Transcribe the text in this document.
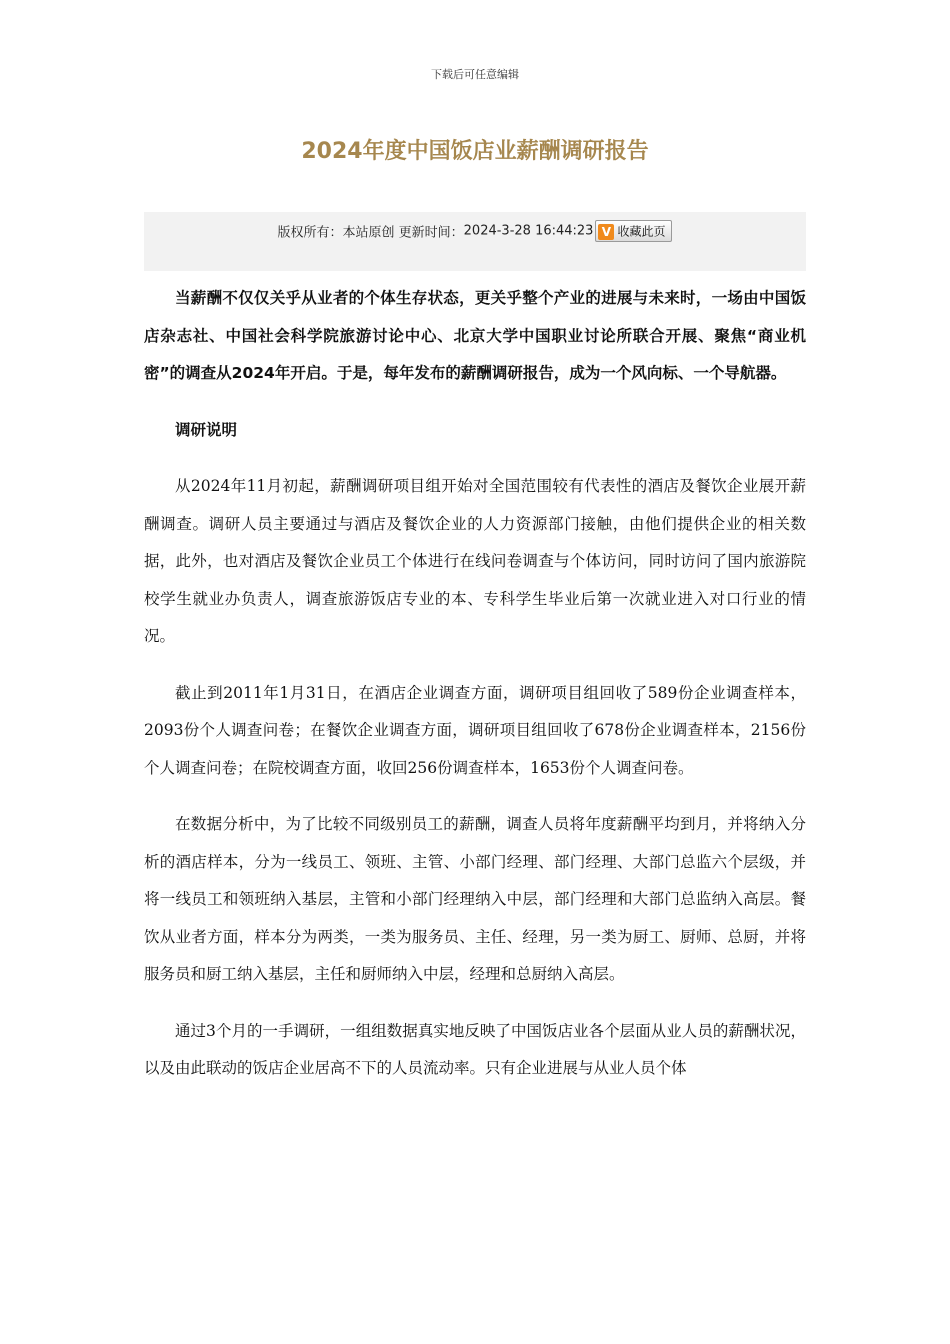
下载后可任意编辑
2024年度中国饭店业薪酬调研报告
版权所有：本站原创 更新时间：2024-3-28 16:44:23 V 收藏此页

当薪酬不仅仅关乎从业者的个体生存状态，更关乎整个产业的进展与未来时，一场由中国饭店杂志社、中国社会科学院旅游讨论中心、北京大学中国职业讨论所联合开展、聚焦“商业机密”的调查从2024年开启。于是，每年发布的薪酬调研报告，成为一个风向标、一个导航器。

调研说明

从2024年11月初起，薪酬调研项目组开始对全国范围较有代表性的酒店及餐饮企业展开薪酬调查。调研人员主要通过与酒店及餐饮企业的人力资源部门接触，由他们提供企业的相关数据，此外，也对酒店及餐饮企业员工个体进行在线问卷调查与个体访问，同时访问了国内旅游院校学生就业办负责人，调查旅游饭店专业的本、专科学生毕业后第一次就业进入对口行业的情况。

截止到2011年1月31日，在酒店企业调查方面，调研项目组回收了589份企业调查样本，2093份个人调查问卷；在餐饮企业调查方面，调研项目组回收了678份企业调查样本，2156份个人调查问卷；在院校调查方面，收回256份调查样本，1653份个人调查问卷。

在数据分析中，为了比较不同级别员工的薪酬，调查人员将年度薪酬平均到月，并将纳入分析的酒店样本，分为一线员工、领班、主管、小部门经理、部门经理、大部门总监六个层级，并将一线员工和领班纳入基层，主管和小部门经理纳入中层，部门经理和大部门总监纳入高层。餐饮从业者方面，样本分为两类，一类为服务员、主任、经理，另一类为厨工、厨师、总厨，并将服务员和厨工纳入基层，主任和厨师纳入中层，经理和总厨纳入高层。

通过3个月的一手调研，一组组数据真实地反映了中国饭店业各个层面从业人员的薪酬状况，以及由此联动的饭店企业居高不下的人员流动率。只有企业进展与从业人员个体
